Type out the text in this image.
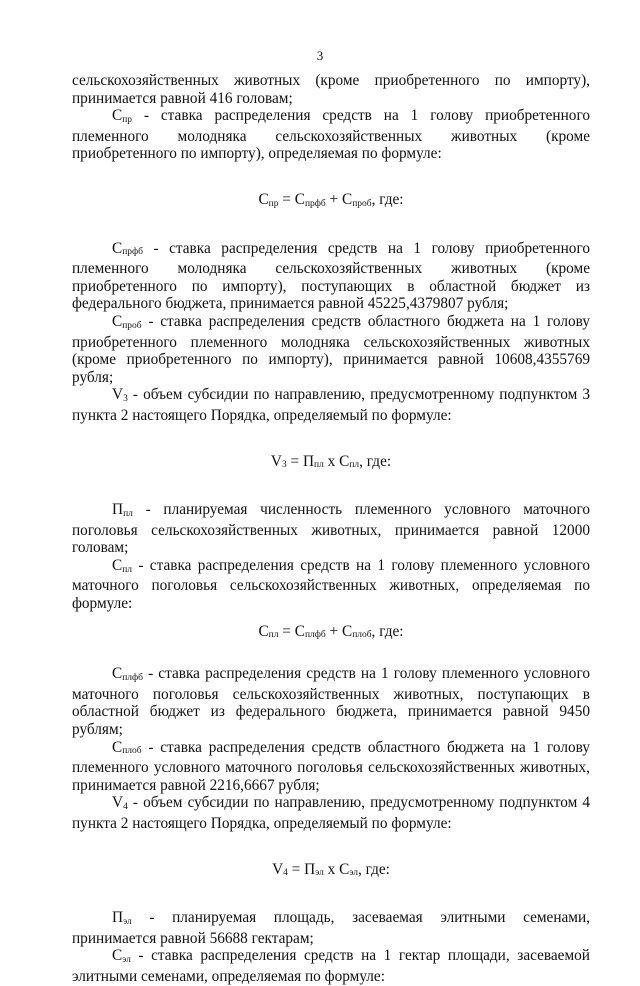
3

сельскохозяйственных животных (кроме приобретенного по импорту), принимается равной 416 головам;

Спр - ставка распределения средств на 1 голову приобретенного племенного молодняка сельскохозяйственных животных (кроме приобретенного по импорту), определяемая по формуле:

Спр = Спрфб + Спроб, где:

Спрфб - ставка распределения средств на 1 голову приобретенного племенного молодняка сельскохозяйственных животных (кроме приобретенного по импорту), поступающих в областной бюджет из федерального бюджета, принимается равной 45225,4379807 рубля;

Спроб - ставка распределения средств областного бюджета на 1 голову приобретенного племенного молодняка сельскохозяйственных животных (кроме приобретенного по импорту), принимается равной 10608,4355769 рубля;

V3 - объем субсидии по направлению, предусмотренному подпунктом 3 пункта 2 настоящего Порядка, определяемый по формуле:

V3 = Ппл х Спл, где:

Ппл - планируемая численность племенного условного маточного поголовья сельскохозяйственных животных, принимается равной 12000 головам;

Спл - ставка распределения средств на 1 голову племенного условного маточного поголовья сельскохозяйственных животных, определяемая по формуле:

Спл = Сплфб + Сплоб, где:

Сплфб - ставка распределения средств на 1 голову племенного условного маточного поголовья сельскохозяйственных животных, поступающих в областной бюджет из федерального бюджета, принимается равной 9450 рублям;

Сплоб - ставка распределения средств областного бюджета на 1 голову племенного условного маточного поголовья сельскохозяйственных животных, принимается равной 2216,6667 рубля;

V4 - объем субсидии по направлению, предусмотренному подпунктом 4 пункта 2 настоящего Порядка, определяемый по формуле:

V4 = Пэл х Сэл, где:

Пэл - планируемая площадь, засеваемая элитными семенами, принимается равной 56688 гектарам;

Сэл - ставка распределения средств на 1 гектар площади, засеваемой элитными семенами, определяемая по формуле:
